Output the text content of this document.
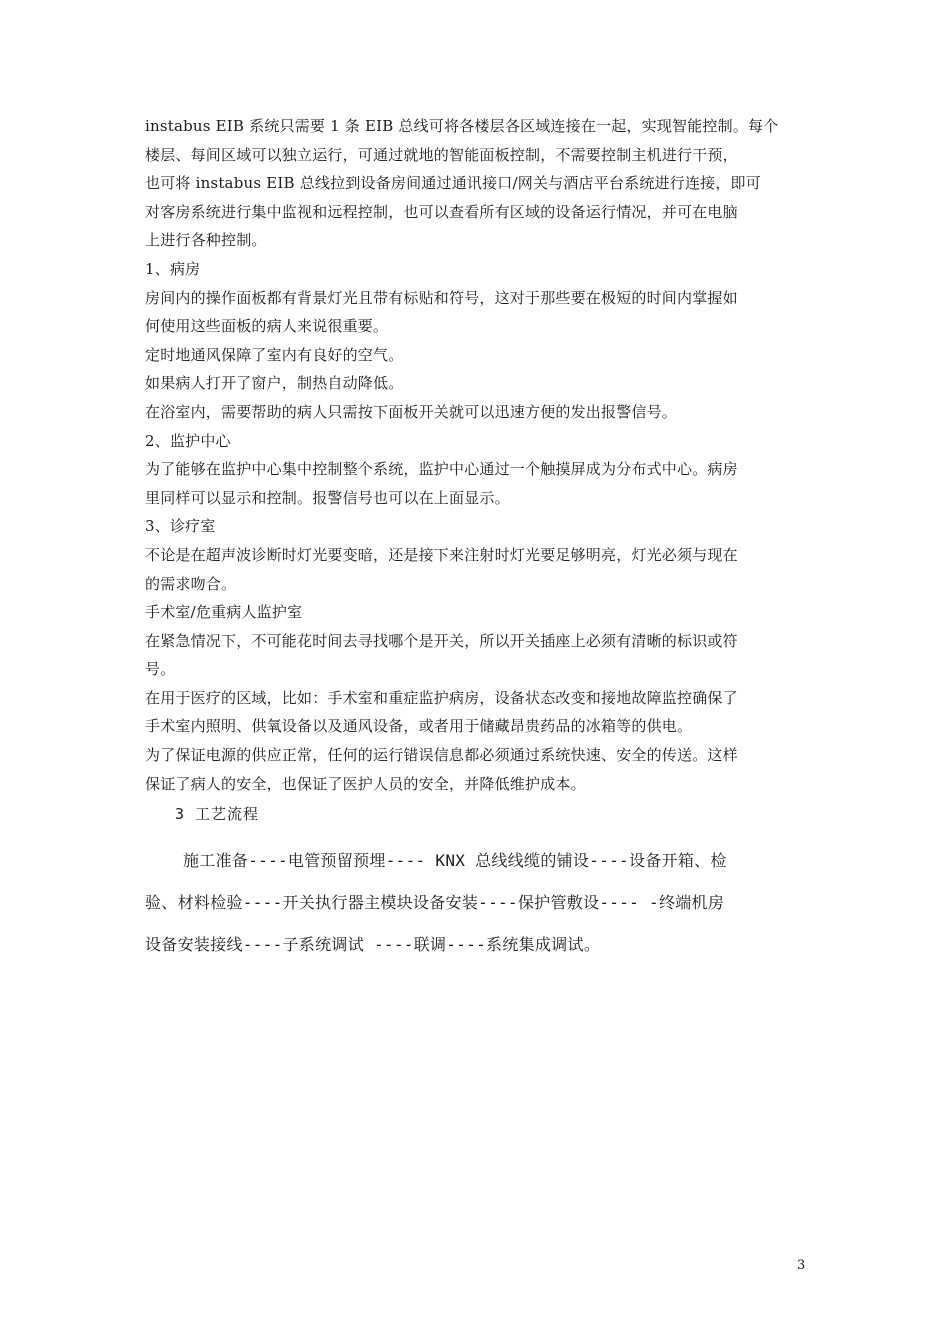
instabus EIB 系统只需要 1 条 EIB 总线可将各楼层各区域连接在一起，实现智能控制。每个
楼层、每间区域可以独立运行，可通过就地的智能面板控制，不需要控制主机进行干预，
也可将 instabus EIB 总线拉到设备房间通过通讯接口/网关与酒店平台系统进行连接，即可
对客房系统进行集中监视和远程控制，也可以查看所有区域的设备运行情况，并可在电脑
上进行各种控制。

1、病房

房间内的操作面板都有背景灯光且带有标贴和符号，这对于那些要在极短的时间内掌握如
何使用这些面板的病人来说很重要。
定时地通风保障了室内有良好的空气。
如果病人打开了窗户，制热自动降低。
在浴室内，需要帮助的病人只需按下面板开关就可以迅速方便的发出报警信号。

2、监护中心

为了能够在监护中心集中控制整个系统，监护中心通过一个触摸屏成为分布式中心。病房
里同样可以显示和控制。报警信号也可以在上面显示。

3、诊疗室

不论是在超声波诊断时灯光要变暗，还是接下来注射时灯光要足够明亮，灯光必须与现在
的需求吻合。
手术室/危重病人监护室
在紧急情况下，不可能花时间去寻找哪个是开关，所以开关插座上必须有清晰的标识或符
号。
在用于医疗的区域，比如：手术室和重症监护病房，设备状态改变和接地故障监控确保了
手术室内照明、供氧设备以及通风设备，或者用于储藏昂贵药品的冰箱等的供电。
为了保证电源的供应正常，任何的运行错误信息都必须通过系统快速、安全的传送。这样
保证了病人的安全，也保证了医护人员的安全，并降低维护成本。

3 工艺流程

施工准备----电管预留预埋---- KNX 总线线缆的铺设----设备开箱、检
验、材料检验----开关执行器主模块设备安装----保护管敷设---- -终端机房
设备安装接线----子系统调试 ----联调----系统集成调试。

3
